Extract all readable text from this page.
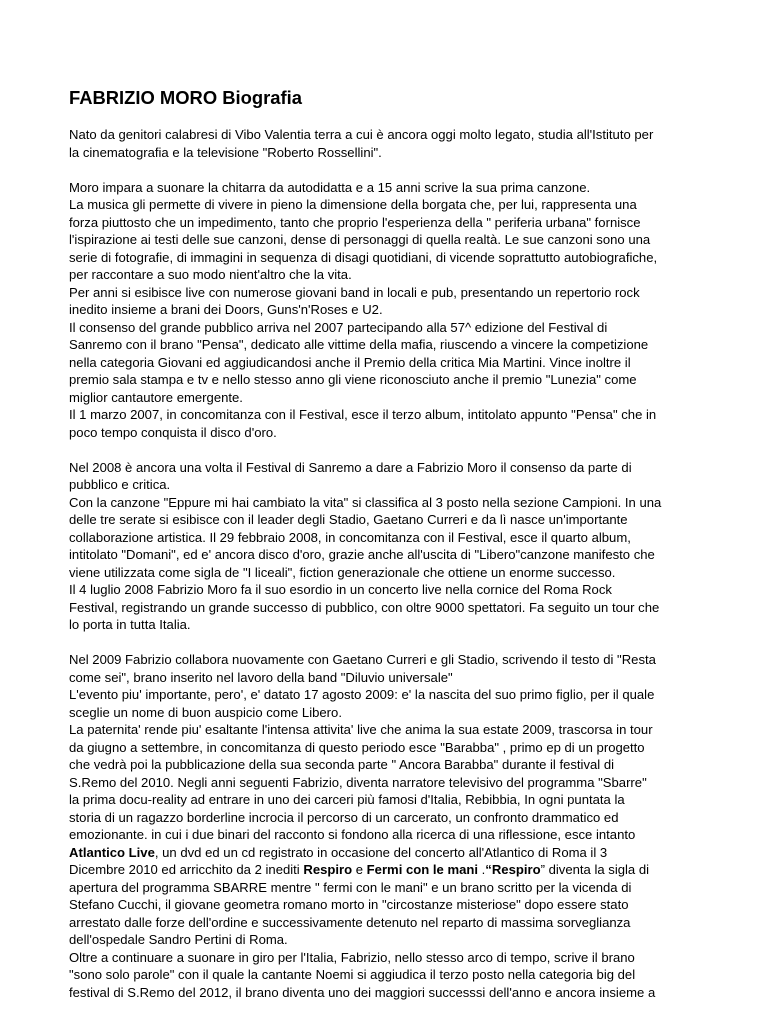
FABRIZIO MORO Biografia

Nato da genitori calabresi di Vibo Valentia terra a cui è ancora oggi molto legato, studia all'Istituto per
la cinematografia e la televisione "Roberto Rossellini".

Moro impara a suonare la chitarra da autodidatta e a 15 anni scrive la sua prima canzone.
La musica gli permette di vivere in pieno la dimensione della borgata che, per lui, rappresenta una
forza piuttosto che un impedimento, tanto che proprio l'esperienza della " periferia urbana" fornisce
l'ispirazione ai testi delle sue canzoni, dense di personaggi di quella realtà. Le sue canzoni sono una
serie di fotografie, di immagini in sequenza di disagi quotidiani, di vicende soprattutto autobiografiche,
per raccontare a suo modo nient'altro che la vita.
Per anni si esibisce live con numerose giovani band in locali e pub, presentando un repertorio rock
inedito insieme a brani dei Doors, Guns'n'Roses e U2.
Il consenso del grande pubblico arriva nel 2007 partecipando alla 57^ edizione del Festival di
Sanremo con il brano "Pensa", dedicato alle vittime della mafia, riuscendo a vincere la competizione
nella categoria Giovani ed aggiudicandosi anche il Premio della critica Mia Martini. Vince inoltre il
premio sala stampa e tv e nello stesso anno gli viene riconosciuto anche il premio "Lunezia" come
miglior cantautore emergente.
Il 1 marzo 2007, in concomitanza con il Festival, esce il terzo album, intitolato appunto "Pensa" che in
poco tempo conquista il disco d'oro.

Nel 2008 è ancora una volta il Festival di Sanremo a dare a Fabrizio Moro il consenso da parte di
pubblico e critica.
Con la canzone "Eppure mi hai cambiato la vita" si classifica al 3 posto nella sezione Campioni. In una
delle tre serate si esibisce con il leader degli Stadio, Gaetano Curreri e da lì nasce un'importante
collaborazione artistica. Il 29 febbraio 2008, in concomitanza con il Festival, esce il quarto album,
intitolato "Domani", ed e' ancora disco d'oro, grazie anche all'uscita di "Libero"canzone manifesto che
viene utilizzata come sigla de "I liceali", fiction generazionale che ottiene un enorme successo.
Il 4 luglio 2008 Fabrizio Moro fa il suo esordio in un concerto live nella cornice del Roma Rock
Festival, registrando un grande successo di pubblico, con oltre 9000 spettatori. Fa seguito un tour che
lo porta in tutta Italia.

Nel 2009 Fabrizio collabora nuovamente con Gaetano Curreri e gli Stadio, scrivendo il testo di "Resta
come sei", brano inserito nel lavoro della band "Diluvio universale"
L'evento piu' importante, pero', e' datato 17 agosto 2009: e' la nascita del suo primo figlio, per il quale
sceglie un nome di buon auspicio come Libero.
La paternita' rende piu' esaltante l'intensa attivita' live che anima la sua estate 2009, trascorsa in tour
da giugno a settembre, in concomitanza di questo periodo esce "Barabba" , primo ep di un progetto
che vedrà poi la pubblicazione della sua seconda parte " Ancora Barabba" durante il festival di
S.Remo del 2010. Negli anni seguenti Fabrizio, diventa narratore televisivo del programma "Sbarre"
la prima docu-reality ad entrare in uno dei carceri più famosi d'Italia, Rebibbia, In ogni puntata la
storia di un ragazzo borderline incrocia il percorso di un carcerato, un confronto drammatico ed
emozionante. in cui i due binari del racconto si fondono alla ricerca di una riflessione, esce intanto
Atlantico Live, un dvd ed un cd registrato in occasione del concerto all'Atlantico di Roma il 3
Dicembre 2010 ed arricchito da 2 inediti Respiro e Fermi con le mani .“Respiro” diventa la sigla di
apertura del programma SBARRE mentre " fermi con le mani" e un brano scritto per la vicenda di
Stefano Cucchi, il giovane geometra romano morto in "circostanze misteriose" dopo essere stato
arrestato dalle forze dell'ordine e successivamente detenuto nel reparto di massima sorveglianza
dell'ospedale Sandro Pertini di Roma.
Oltre a continuare a suonare in giro per l'Italia, Fabrizio, nello stesso arco di tempo, scrive il brano
"sono solo parole" con il quale la cantante Noemi si aggiudica il terzo posto nella categoria big del
festival di S.Remo del 2012, il brano diventa uno dei maggiori successsi dell'anno e ancora insieme a
